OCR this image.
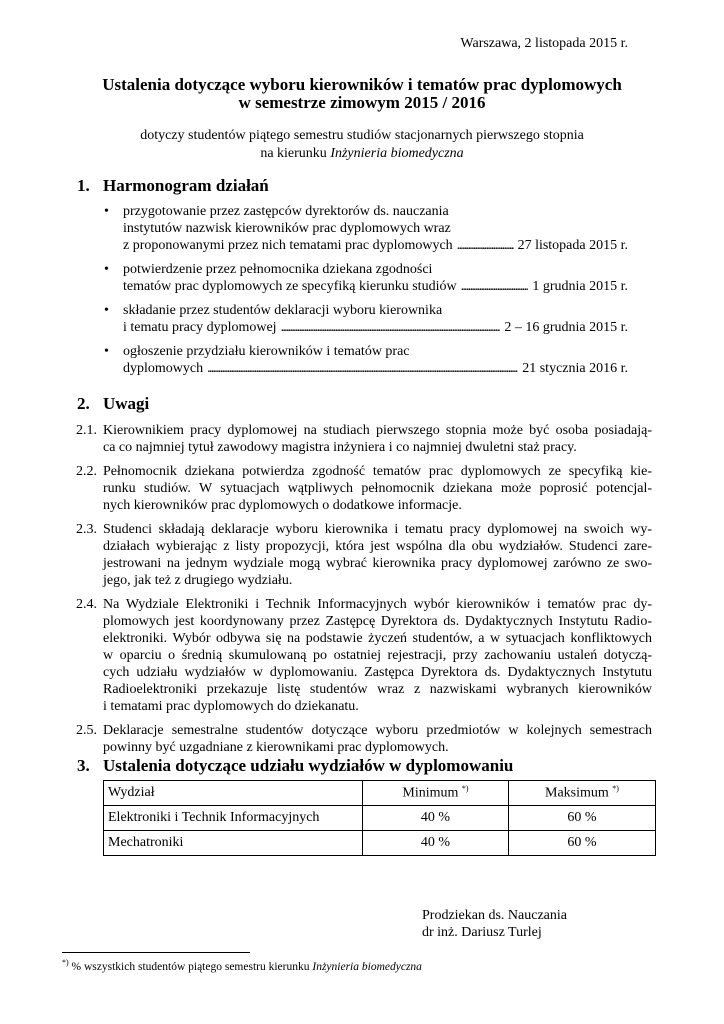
Warszawa, 2 listopada 2015 r.
Ustalenia dotyczące wyboru kierowników i tematów prac dyplomowych
w semestrze zimowym 2015 / 2016
dotyczy studentów piątego semestru studiów stacjonarnych pierwszego stopnia
na kierunku Inżynieria biomedyczna
1. Harmonogram działań
• przygotowanie przez zastępców dyrektorów ds. nauczania
instytutów nazwisk kierowników prac dyplomowych wraz
z proponowanymi przez nich tematami prac dyplomowych . . .	27 listopada 2015 r.
• potwierdzenie przez pełnomocnika dziekana zgodności
tematów prac dyplomowych ze specyfiką kierunku studiów . . .	1 grudnia 2015 r.
• składanie przez studentów deklaracji wyboru kierownika
i tematu pracy dyplomowej . . .	2 – 16 grudnia 2015 r.
• ogłoszenie przydziału kierowników i tematów prac
dyplomowych . . .	21 stycznia 2016 r.
2. Uwagi
2.1. Kierownikiem pracy dyplomowej na studiach pierwszego stopnia może być osoba posiadają-
ca co najmniej tytuł zawodowy magistra inżyniera i co najmniej dwuletni staż pracy.
2.2. Pełnomocnik dziekana potwierdza zgodność tematów prac dyplomowych ze specyfiką kie-
runku studiów. W sytuacjach wątpliwych pełnomocnik dziekana może poprosić potencjal-
nych kierowników prac dyplomowych o dodatkowe informacje.
2.3. Studenci składają deklaracje wyboru kierownika i tematu pracy dyplomowej na swoich wy-
działach wybierając z listy propozycji, która jest wspólna dla obu wydziałów. Studenci zare-
jestrowani na jednym wydziale mogą wybrać kierownika pracy dyplomowej zarówno ze swo-
jego, jak też z drugiego wydziału.
2.4. Na Wydziale Elektroniki i Technik Informacyjnych wybór kierowników i tematów prac dy-
plomowych jest koordynowany przez Zastępcę Dyrektora ds. Dydaktycznych Instytutu Radio-
elektroniki. Wybór odbywa się na podstawie życzeń studentów, a w sytuacjach konfliktowych
w oparciu o średnią skumulowaną po ostatniej rejestracji, przy zachowaniu ustaleń dotyczą-
cych udziału wydziałów w dyplomowaniu. Zastępca Dyrektora ds. Dydaktycznych Instytutu
Radioelektroniki przekazuje listę studentów wraz z nazwiskami wybranych kierowników
i tematami prac dyplomowych do dziekanatu.
2.5. Deklaracje semestralne studentów dotyczące wyboru przedmiotów w kolejnych semestrach
powinny być uzgadniane z kierownikami prac dyplomowych.
3. Ustalenia dotyczące udziału wydziałów w dyplomowaniu
Wydział	Minimum *)	Maksimum *)
Elektroniki i Technik Informacyjnych	40 %	60 %
Mechatroniki	40 %	60 %
Prodziekan ds. Nauczania
dr inż. Dariusz Turlej
*) % wszystkich studentów piątego semestru kierunku Inżynieria biomedyczna
